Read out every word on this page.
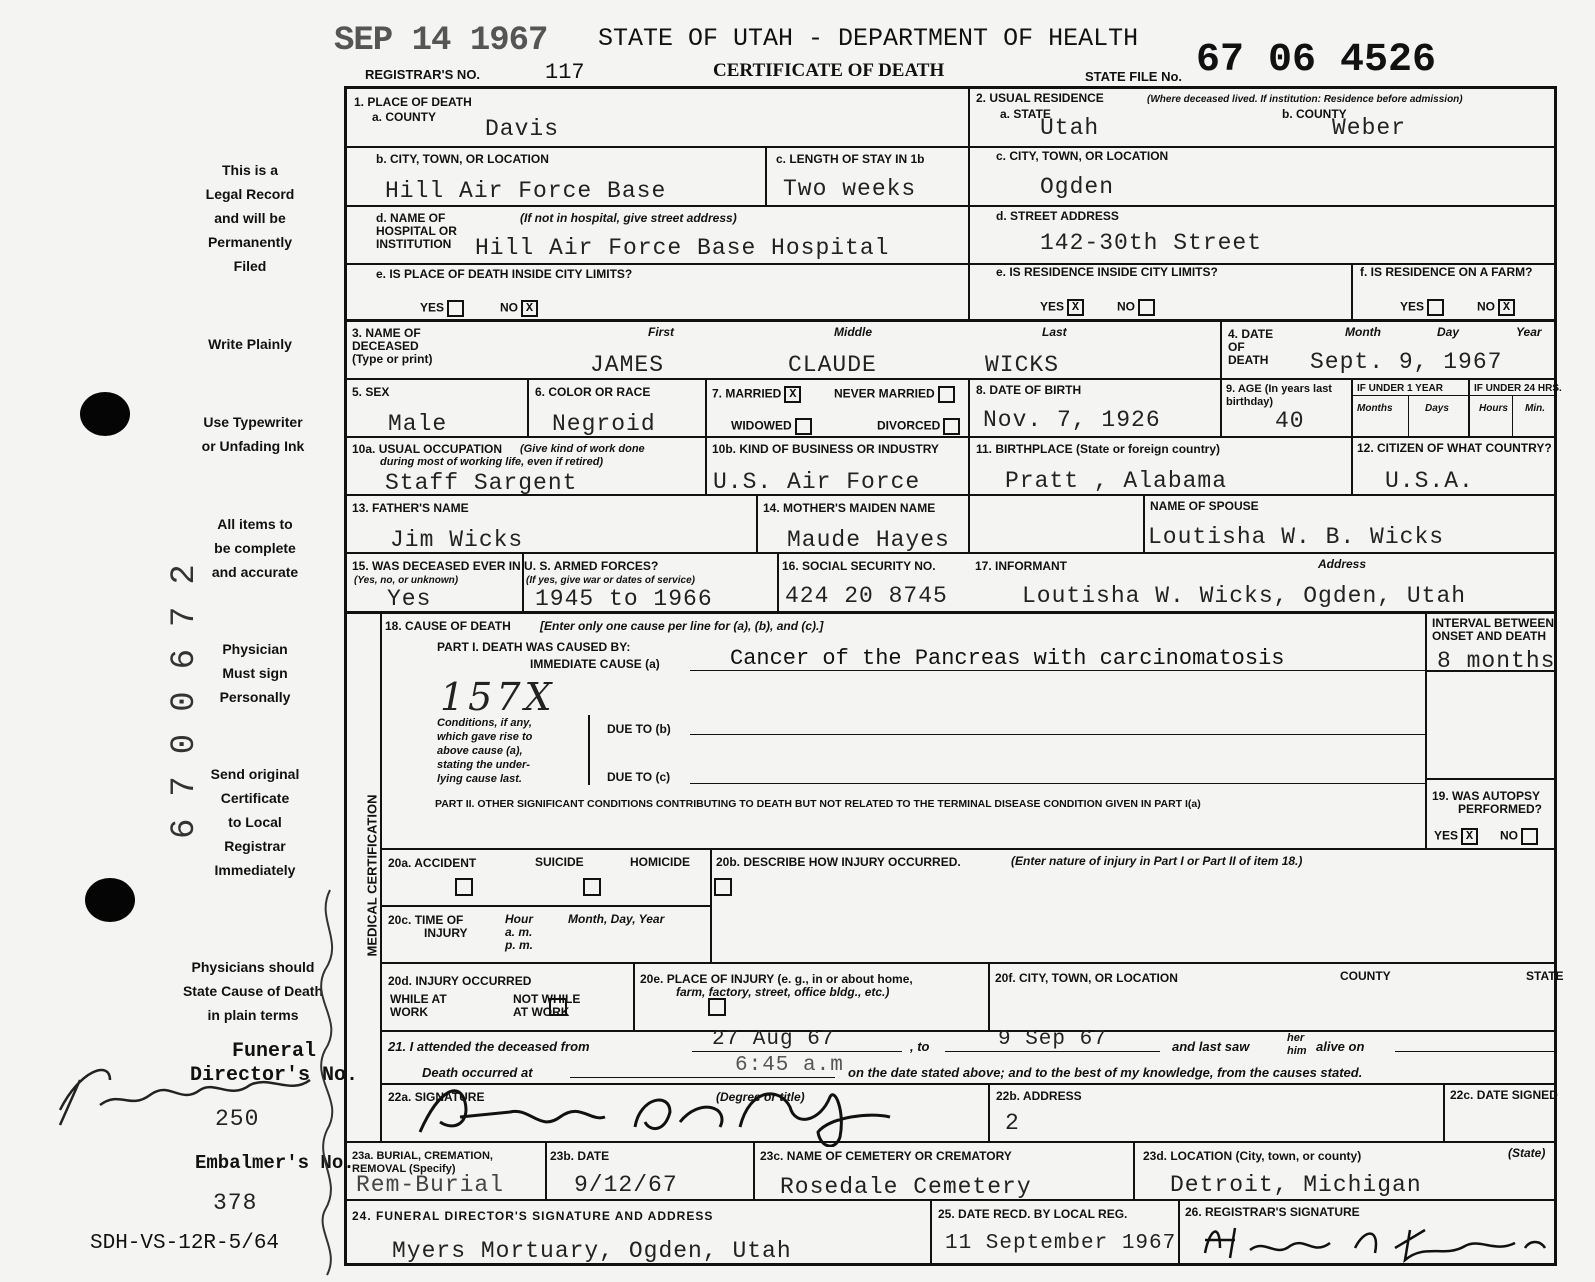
SEP 14 1967 STATE OF UTAH - DEPARTMENT OF HEALTH
REGISTRAR'S NO.	117	CERTIFICATE OF DEATH	STATE FILE No. 67 06 4526
This is a
Legal Record
and will be
Permanently
Filed
Write Plainly
Use Typewriter
or Unfading Ink
All items to
be complete
and accurate
Physician
Must sign
Personally
Send original
Certificate
to Local
Registrar
Immediately
Physicians should
State Cause of Death
in plain terms
6700672
Funeral
Director's No.
250
Embalmer's No.
378
SDH-VS-12R-5/64
1. PLACE OF DEATH
a. COUNTY Davis
2. USUAL RESIDENCE	(Where deceased lived. If institution: Residence before admission)
a. STATE	b. COUNTY
Utah	Weber
b. CITY, TOWN, OR LOCATION
Hill Air Force Base
c. LENGTH OF STAY IN 1b
Two weeks
c. CITY, TOWN, OR LOCATION
Ogden
d. NAME OF
HOSPITAL OR
INSTITUTION
(If not in hospital, give street address)
Hill Air Force Base Hospital
d. STREET ADDRESS
142-30th Street
e. IS PLACE OF DEATH INSIDE CITY LIMITS?
YES	NO X
e. IS RESIDENCE INSIDE CITY LIMITS?
YES X	NO
f. IS RESIDENCE ON A FARM?
YES	NO X
3. NAME OF
DECEASED
(Type or print)
First	Middle	Last
JAMES	CLAUDE	WICKS
4. DATE
OF
DEATH
Month	Day	Year
Sept. 9, 1967
5. SEX
Male
6. COLOR OR RACE
Negroid
7. MARRIED X	NEVER MARRIED
WIDOWED	DIVORCED
8. DATE OF BIRTH
Nov. 7, 1926
9. AGE (In years last birthday)
40
IF UNDER 1 YEAR	IF UNDER 24 HRS.
Months	Days	Hours Min.
10a. USUAL OCCUPATION (Give kind of work done
during most of working life, even if retired)
Staff Sargent
10b. KIND OF BUSINESS OR INDUSTRY
U.S. Air Force
11. BIRTHPLACE (State or foreign country)
Pratt , Alabama
12. CITIZEN OF WHAT COUNTRY?
U.S.A.
13. FATHER'S NAME
Jim Wicks
14. MOTHER'S MAIDEN NAME
Maude Hayes
NAME OF SPOUSE
Loutisha W. B. Wicks
15. WAS DECEASED EVER IN U. S. ARMED FORCES?
(Yes, no, or unknown)	(If yes, give war or dates of service)
Yes	1945 to 1966
16. SOCIAL SECURITY NO.
424 20 8745
17. INFORMANT	Address
Loutisha W. Wicks, Ogden, Utah
MEDICAL CERTIFICATION
18. CAUSE OF DEATH [Enter only one cause per line for (a), (b), and (c).]
PART I. DEATH WAS CAUSED BY:
IMMEDIATE CAUSE (a)	Cancer of the Pancreas with carcinomatosis
INTERVAL BETWEEN
ONSET AND DEATH
8 months
157X
Conditions, if any,
which gave rise to
above cause (a),
stating the under-
lying cause last.
DUE TO (b)
DUE TO (c)
PART II. OTHER SIGNIFICANT CONDITIONS CONTRIBUTING TO DEATH BUT NOT RELATED TO THE TERMINAL DISEASE CONDITION GIVEN IN PART I(a)
19. WAS AUTOPSY
PERFORMED?
YES X	NO
20a. ACCIDENT	SUICIDE	HOMICIDE
20b. DESCRIBE HOW INJURY OCCURRED.	(Enter nature of injury in Part I or Part II of item 18.)
20c. TIME OF
INJURY
Hour
a. m.
p. m.
Month, Day, Year
20d. INJURY OCCURRED
WHILE AT
WORK

NOT WHILE
AT WORK
20e. PLACE OF INJURY (e. g., in or about home,
farm, factory, street, office bldg., etc.)
20f. CITY, TOWN, OR LOCATION	COUNTY	STATE
21. I attended the deceased from	27 Aug 67	, to	9 Sep 67	and last saw
her
him alive on
Death occurred at	6:45 a.m on the date stated above; and to the best of my knowledge, from the causes stated.
22a. SIGNATURE	(Degree or title)	22b. ADDRESS
2
22c. DATE SIGNED
23a. BURIAL, CREMATION,
REMOVAL (Specify)
Rem-Burial
23b. DATE
9/12/67
23c. NAME OF CEMETERY OR CREMATORY
Rosedale Cemetery
23d. LOCATION (City, town, or county)	(State)
Detroit, Michigan
24. FUNERAL DIRECTOR'S SIGNATURE AND ADDRESS
Myers Mortuary, Ogden, Utah
25. DATE RECD. BY LOCAL REG.
11 September 1967
26. REGISTRAR'S SIGNATURE
